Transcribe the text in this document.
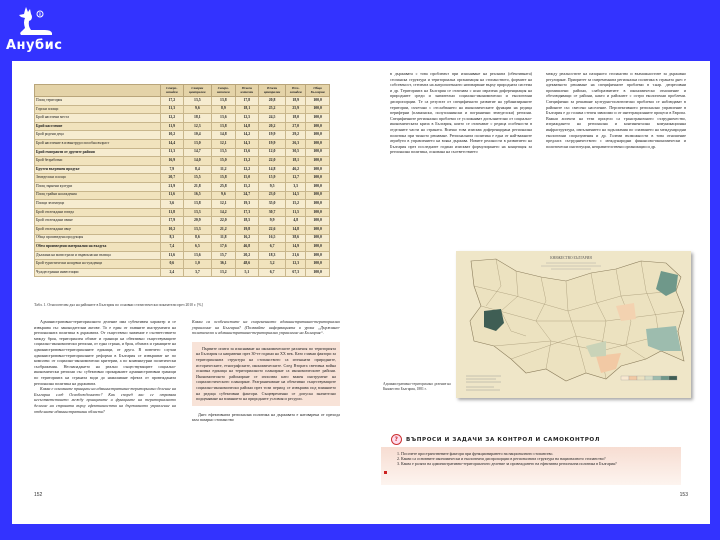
R
Анубис
	Северо-западен	Северен централен	Северо-източен	Южен източен	Южен централен	Юго-западен	Общо България
Площ територия	17,2	13,5	13,8	17,8	20,8	18,9	100,0
Горски площи	11,3	9,6	8,9	18,1	25,2	25,9	100,0
Брой населени места	12,2	18,1	13,6	12,5	24,5	18,0	100,0
Брой население	11,9	12,3	13,8	14,8	20,2	27,0	100,0
Брой родени деца	10,2	10,4	14,8	14,2	19,9	29,2	100,0
Брой население в извънтрудоспособна възраст	14,4	13,0	12,1	14,3	19,9	26,3	100,0
Брой емигранти от другите райони	11,3	14,7	13,5	13,6	12,0	30,5	100,0
Брой безработни	16,9	14,0	15,0	13,2	22,0	18,1	100,0
Брутен вътрешен продукт	7,9	8,4	11,2	12,2	14,8	46,2	100,0
Земеделски площи	20,7	15,5	15,8	15,0	15,9	12,7	100,0
Площ зърнени култури	21,9	21,8	25,8	15,2	9,5	3,5	100,0
Площ трайни насаждения	11,6	16,5	9,6	24,7	23,0	14,5	100,0
Площи зеленчуци	3,6	13,8	12,1	19,3	35,0	15,2	100,0
Брой отглеждани говеда	11,8	13,3	14,2	17,3	30,7	11,5	100,0
Брой отглеждани свине	17,9	20,9	22,0	18,5	9,9	4,8	100,0
Брой отглеждани овце	10,2	13,3	21,2	19,8	22,6	14,8	100,0
Обща произведена продукция	8,3	8,6	11,8	16,2	16,5	38,6	100,0
Обем произведени материални на въздуха	7,4	6,5	17,6	46,8	6,7	14,9	100,0
Дължина на магистрали и първокласни пътища	11,6	13,6	15,7	20,2	18,3	21,6	100,0
Брой туристически нощувки на чужденци	0,6	1,0	36,1	48,6	3,2	12,3	100,0
Чуждестранни инвестиции	2,4	3,7	13,2	5,1	6,7	67,3	100,0
Табл. 1. Относителен дял на районите в България по основни статистически показатели през 2010 г. [%]

Административно-териториалното деление има субективен характер и се извършва със законодателни актове. То е един от главните инструменти на регионалната политика в държавата. От съществено значение е съответствието между броя, териториален обхват и граници на обективно съществуващите социално-икономически региони, от една страна, и броя, обхвата и границите на административно-териториалните единици, от друга. В повечето случаи административно-териториалните реформи в България се извършват не по комплекс от социално-икономически критерии, а по конюнктурни политически съображения. Несъвпадането на реално съществуващите социално-икономически региони със субективно прокараните административни граници по територията на страната води до намаляване ефекта от провежданата регионална политика на държавата.

Каква е основните принципи на административно-териториално деление на България след Освобождението? Как според вас се отразява несъответствието между принципите и функциите на териториалното деление на страната върху ефективността на държавното управление на отделните административни области?

Какви са особеностите на съвременното административно-териториално управление на България? (Ползвайте информацията в урока „Държавно-политическо и административно-териториално управление на България“.

Първите опити за изясняване на икономическите различия по територията на България са направени през 30-те години на XX век. Като главни фактори за териториалната структура на стопанството са изтъкнати природните, историческите, етнографските, икономическите. След Втората световна война основна единица на териториалното планиране са икономическите райони. Икономическото райониране се използва като важен инструмент на социалистическото планиране. Разграничаване на обективно съществуващите социално-икономически райони през този период се извършва под влиянието на редица субективни фактори. Същевременно се допуска значително подценяване на влиянието на природните условия и ресурси.

Днес ефективната регионална политика на държавата е натоварена от прехода към пазарно стопанство

152

в държавата с това проблемът при изясняване на реалната (обективната) стопанска структура и териториална организация на стопанството, формите на собственост, степента на антропогенното натоварване върху природната система и др. Територията на България се отличава с ясно изразена диференциация на природните среди и значителни социално-икономически и екологични диспропорции. Те са резултат от специфичното развитие на урбанизираните територии, съчетано с отслабването на икономическите функции на редица периферни (планински, полупланински и погранични земеделски) региони. Специфичните регионални проблеми се усложняват допълнително от социално-икономическата криза в България, които се отличават с редица особености в отделните части на страната. Всичко това изисква диференцирана регионална политика при тяхното решаване. Регионалната политика е една от най-важните атрибути в управлението на всяка държава. Новите реалности в развитието на България през последните години изискват формулирането на концепция за регионална политика, основана на съответствието

между реалностите на пазарното стопанство и възможностите за държавно регулиране. Приоритет за съвременната регионална политика в страната днес е адекватното решаване на специфичните проблеми в т.нар. депресивни промишлени райони, слаборазвитите в икономическо отношение и обезлюдяващи се райони, както и районите с остри екологични проблеми. Специфични за решаване културно-политически проблеми се наблюдават в районите със смесено население. Перспективното регионално управление в България е до голяма степен зависимо и от интеграционните процеси в Европа. Важни аспекти на тези процеси са трансграничното сътрудничество, изграждането на регионална и континентална комуникационна инфраструктура, изпълнението на задължения по спазването на международни екологични споразумения и др. Големи възможности в това отношение предлага сътрудничеството с международни финансово-икономически и политически институции, неправителствени организации и др.

Административно-териториално деление на Княжество България, 1881 г.
КНЯЖЕСТВО БЪЛГАРИЯ
?	ВЪПРОСИ И ЗАДАЧИ ЗА КОНТРОЛ И САМОКОНТРОЛ
1. Посочете пространствените фактори при функционирането на националното стопанство.
2. Какви са основните икономически и екологични диспропорции в регионалната структура на националното стопанство?
3. Каква е ролята на административно-териториалното деление за провеждането на ефективна регионална политика в България?
153
